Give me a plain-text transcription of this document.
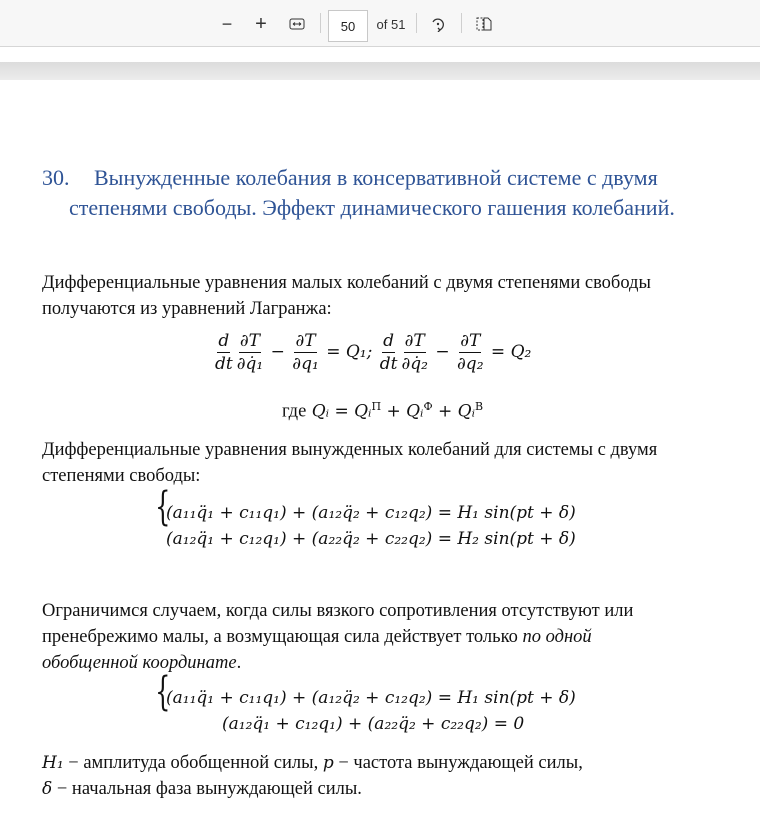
− +	50	of 51
30. Вынужденные колебания в консервативной системе с двумя
степенями свободы. Эффект динамического гашения колебаний.
Дифференциальные уравнения малых колебаний с двумя степенями свободы
получаются из уравнений Лагранжа:
$\frac{d}{dt} \frac{\partial T}{\text{∂q̇₁}} - \frac{\partial T}{\text{∂q₁}} = Q_1$; $\frac{d}{dt} \frac{\partial T}{\text{∂q̇₂}} - \frac{\partial T}{\text{∂q₂}} = Q_2$
где Qᵢ = Qᵢ$^П$ + Qᵢ$^Ф$ + Qᵢ$^В$
Дифференциальные уравнения вынужденных колебаний для системы с двумя
степенями свободы:
{
(a₁₁q̈₁ + c₁₁q₁) + (a₁₂q̈₂ + c₁₂q₂) = H₁ sin(pt + δ)
(a₁₂q̈₁ + c₁₂q₁) + (a₂₂q̈₂ + c₂₂q₂) = H₂ sin(pt + δ)
Ограничимся случаем, когда силы вязкого сопротивления отсутствуют или
пренебрежимо малы, а возмущающая сила действует только по одной
обобщенной координате.
{
(a₁₁q̈₁ + c₁₁q₁) + (a₁₂q̈₂ + c₁₂q₂) = H₁ sin(pt + δ)
(a₁₂q̈₁ + c₁₂q₁) + (a₂₂q̈₂ + c₂₂q₂) = 0
H₁ − амплитуда обобщенной силы, p − частота вынуждающей силы,
δ − начальная фаза вынуждающей силы.
